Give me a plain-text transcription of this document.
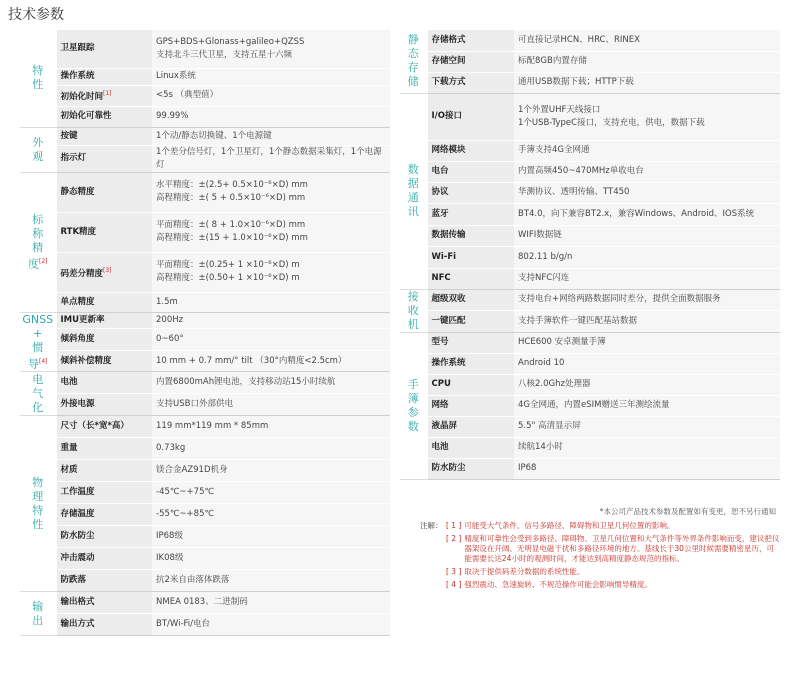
技术参数
特
性	卫星跟踪	GPS+BDS+Glonass+galileo+QZSS
支持北斗三代卫星，支持五星十六频
	操作系统	Linux系统
	初始化时间[1]	<5s （典型值）
	初始化可靠性	99.99%
外
观	按键	1个动/静态切换键、1个电源键
	指示灯	1个差分信号灯，1个卫星灯，1个静态数据采集灯，1个电源灯
标
称
精
度[2]	静态精度	水平精度：±(2.5+ 0.5×10⁻⁶×D) mm
高程精度：±( 5 + 0.5×10⁻⁶×D) mm
	RTK精度	平面精度：±( 8 + 1.0×10⁻⁶×D) mm
高程精度：±(15 + 1.0×10⁻⁶×D) mm
	码差分精度[3]	平面精度：±(0.25+ 1 ×10⁻⁶×D) m
高程精度：±(0.50+ 1 ×10⁻⁶×D) m
	单点精度	1.5m
GNSS
+
惯
导[4]	IMU更新率	200Hz
	倾斜角度	0~60°
	倾斜补偿精度	10 mm + 0.7 mm/° tilt （30°内精度<2.5cm）
电
气
化	电池	内置6800mAh锂电池，支持移动站15小时续航
	外接电源	支持USB口外部供电
物
理
特
性	尺寸（长*宽*高）	119 mm*119 mm * 85mm
	重量	0.73kg
	材质	镁合金AZ91D机身
	工作温度	-45℃~+75℃
	存储温度	-55℃~+85℃
	防水防尘	IP68级
	冲击震动	IK08级
	防跌落	抗2米自由落体跌落
输
出	输出格式	NMEA 0183、二进制码
	输出方式	BT/Wi-Fi/电台
静
态
存
储	存储格式	可直接记录HCN、HRC、RINEX
	存储空间	标配8GB内置存储
	下载方式	通用USB数据下载；HTTP下载
数
据
通
讯	I/O接口	1个外置UHF天线接口
1个USB-TypeC接口，支持充电，供电，数据下载
	网络模块	手簿支持4G全网通
	电台	内置高频450~470MHz单收电台
	协议	华测协议、透明传输、TT450
	蓝牙	BT4.0，向下兼容BT2.x，兼容Windows、Android、IOS系统
	数据传输	WIFI数据链
	Wi-Fi	802.11 b/g/n
	NFC	支持NFC闪连
接
收
机	超级双收	支持电台+网络两路数据同时差分，提供全面数据服务
	一键匹配	支持手簿软件一键匹配基站数据
手
簿
参
数	型号	HCE600 安卓测量手簿
	操作系统	Android 10
	CPU	八核2.0Ghz处理器
	网络	4G全网通，内置eSIM赠送三年测绘流量
	液晶屏	5.5" 高清显示屏
	电池	续航14小时
	防水防尘	IP68
*本公司产品技术参数及配置如有变更，恕不另行通知
注解： [ 1 ] 可能受大气条件、信号多路径、障碍物和卫星几何位置的影响。
[ 2 ] 精度和可靠性会受到多路径、障碍物、卫星几何位置和大气条件等外界条件影响而变，建议把仪器架设在开阔、无明显电磁干扰和多路径环境的地方。基线长于30公里时候需要精密星历，可能需要长达24小时的观测时间，才能达到高精度静态规范的指标。
[ 3 ] 取决于提供码差分数据的系统性能。
[ 4 ] 强烈震动、急速旋转、不规范操作可能会影响惯导精度。
